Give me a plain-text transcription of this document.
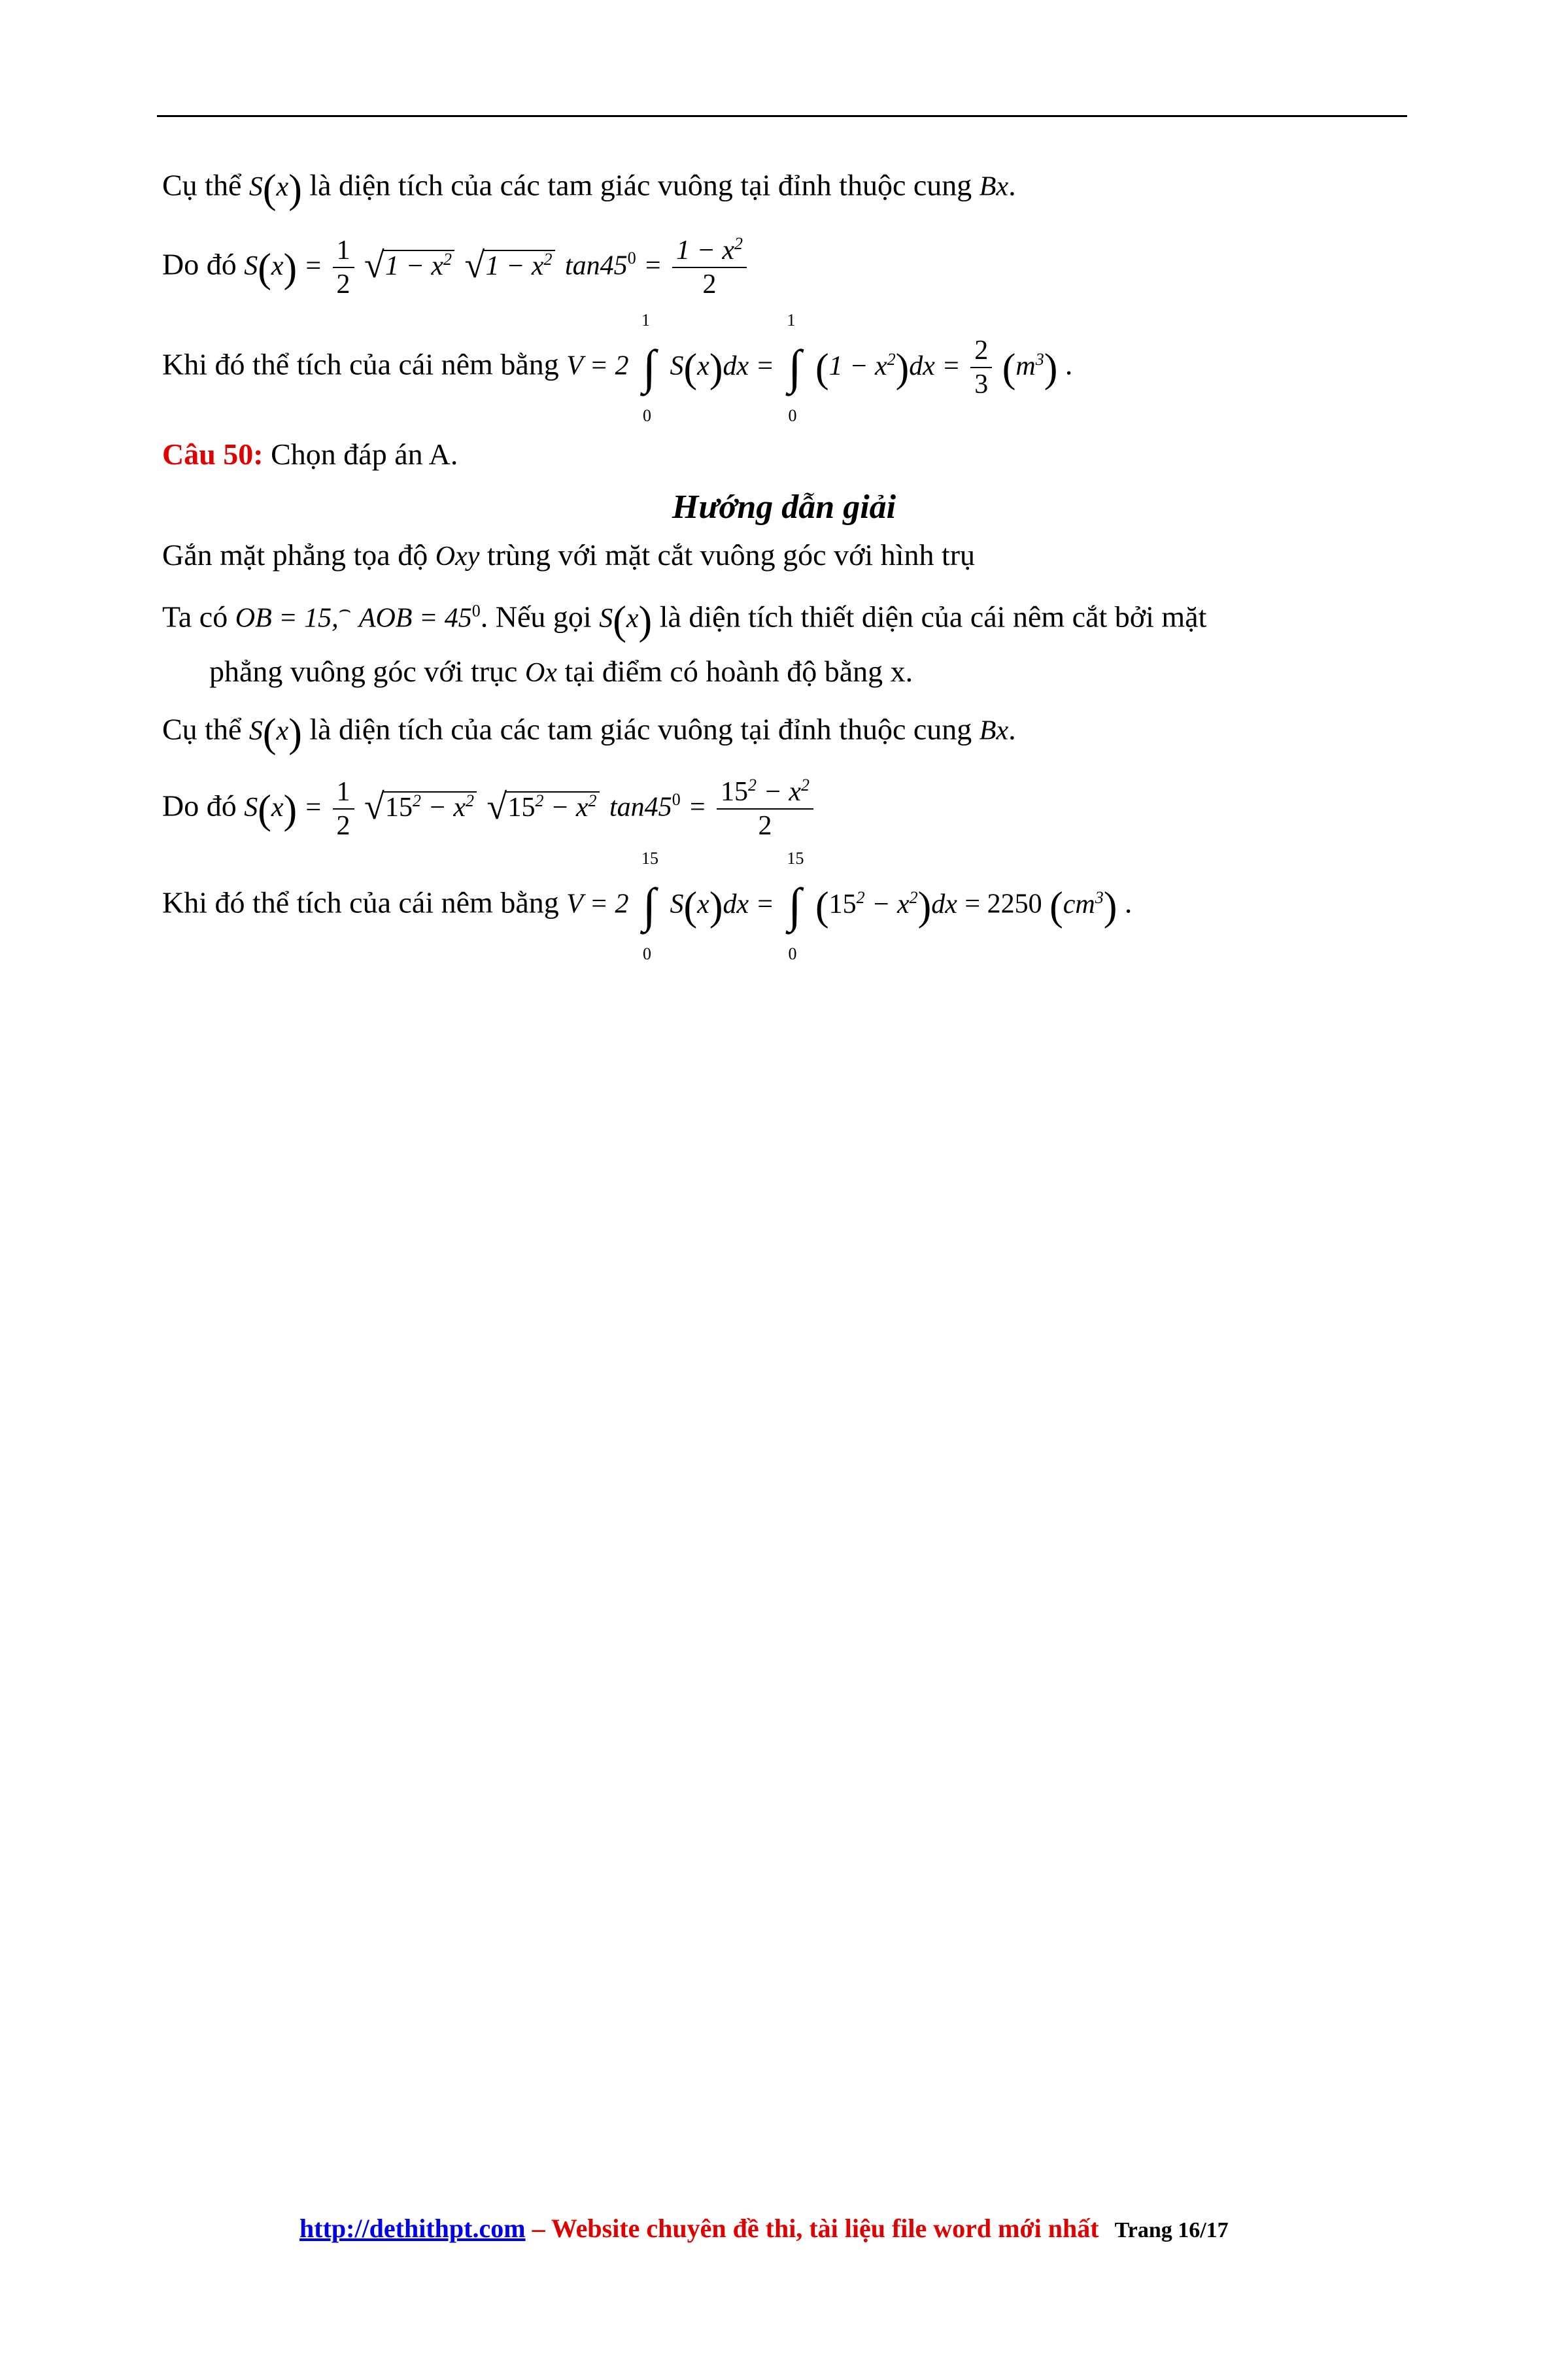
Cụ thể S(x) là diện tích của các tam giác vuông tại đỉnh thuộc cung Bx.
Do đó $S(x) = \frac{1}{2}$
√ $1 - x^2$ √ $1 - x^2$ $\tan 45^0 = \frac{1 - x^2}{2}$
Khi đó thể tích của cái nêm bằng V = 2
1
∫
0
S(x)dx =
1
∫
0
$(1 - x^2)dx = \frac{2}{3} (m^3)$ .
Câu 50: Chọn đáp án A.
Hướng dẫn giải
Gắn mặt phẳng tọa độ Oxy trùng với mặt cắt vuông góc với hình trụ
Ta có OB = 15,⌢ AOB = $45^0$. Nếu gọi S(x) là diện tích thiết diện của cái nêm cắt bởi mặt
phẳng vuông góc với trục Ox tại điểm có hoành độ bằng x.
Cụ thể S(x) là diện tích của các tam giác vuông tại đỉnh thuộc cung Bx.
Do đó $S(x) = \frac{1}{2}$
√ $15^2 - x^2$ √ $15^2 - x^2$ $\tan 45^0 = \frac{15^2 - x^2}{2}$
Khi đó thể tích của cái nêm bằng V = 2
15
∫
0
S(x)dx =
15
∫
0
$(15^2 - x^2)dx = 2250$ $(cm^3)$ .
http://dethithpt.com – Website chuyên đề thi, tài liệu file word mới nhất Trang 16/17
